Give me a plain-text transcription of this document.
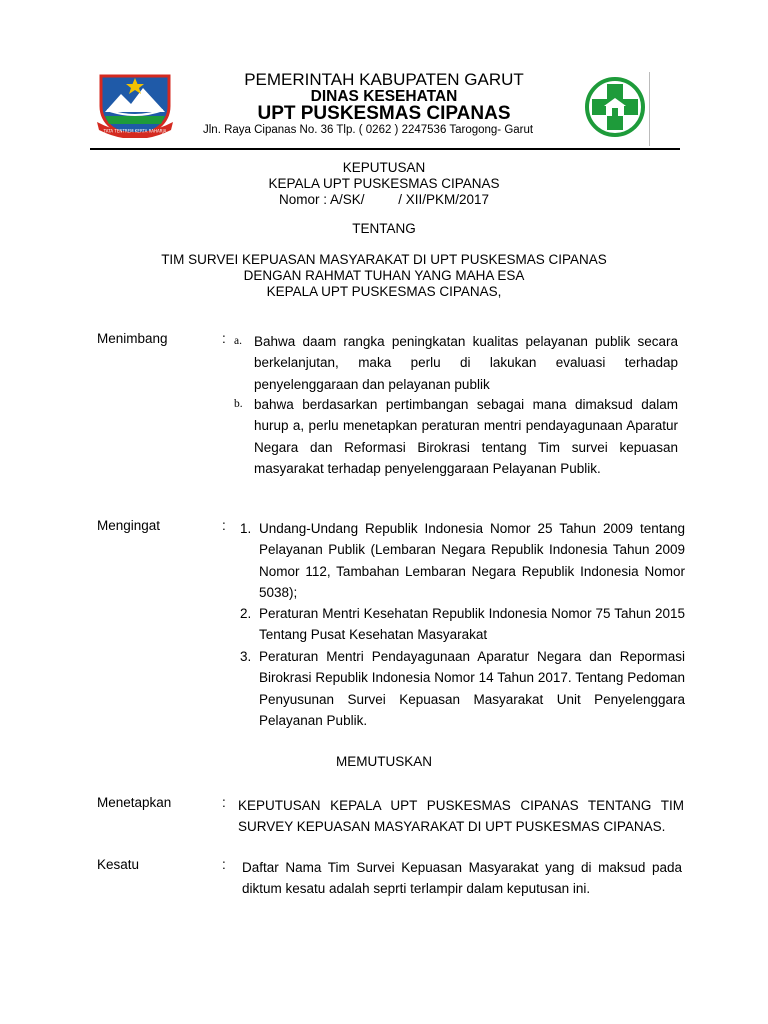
TATA TENTREM KERTA RAHARJA
PEMERINTAH KABUPATEN GARUT
DINAS KESEHATAN
UPT PUSKESMAS CIPANAS
Jln. Raya Cipanas No. 36 Tlp. ( 0262 ) 2247536 Tarogong- Garut
KEPUTUSAN
KEPALA UPT PUSKESMAS CIPANAS
Nomor : A/SK/         / XII/PKM/2017
TENTANG
TIM SURVEI KEPUASAN MASYARAKAT DI UPT PUSKESMAS CIPANAS
DENGAN RAHMAT TUHAN YANG MAHA ESA
KEPALA UPT PUSKESMAS CIPANAS,
Menimbang	: a. Bahwa daam rangka peningkatan kualitas pelayanan publik secara berkelanjutan, maka perlu di lakukan evaluasi terhadap penyelenggaraan dan pelayanan publik
b. bahwa berdasarkan pertimbangan sebagai mana dimaksud dalam hurup a, perlu menetapkan peraturan mentri pendayagunaan Aparatur Negara dan Reformasi Birokrasi tentang Tim survei kepuasan masyarakat terhadap penyelenggaraan Pelayanan Publik.
Mengingat	: 1. Undang-Undang Republik Indonesia Nomor 25 Tahun 2009 tentang Pelayanan Publik (Lembaran Negara Republik Indonesia Tahun 2009 Nomor 112, Tambahan Lembaran Negara Republik Indonesia Nomor 5038);
2. Peraturan Mentri Kesehatan Republik Indonesia Nomor 75 Tahun 2015 Tentang Pusat Kesehatan Masyarakat
3. Peraturan Mentri Pendayagunaan Aparatur Negara dan Repormasi Birokrasi Republik Indonesia Nomor 14 Tahun 2017. Tentang Pedoman Penyusunan Survei Kepuasan Masyarakat Unit Penyelenggara Pelayanan Publik.
MEMUTUSKAN
Menetapkan	: KEPUTUSAN KEPALA UPT PUSKESMAS CIPANAS TENTANG TIM SURVEY KEPUASAN MASYARAKAT DI UPT PUSKESMAS CIPANAS.
Kesatu	: Daftar Nama Tim Survei Kepuasan Masyarakat yang di maksud pada diktum kesatu adalah seprti terlampir dalam keputusan ini.
